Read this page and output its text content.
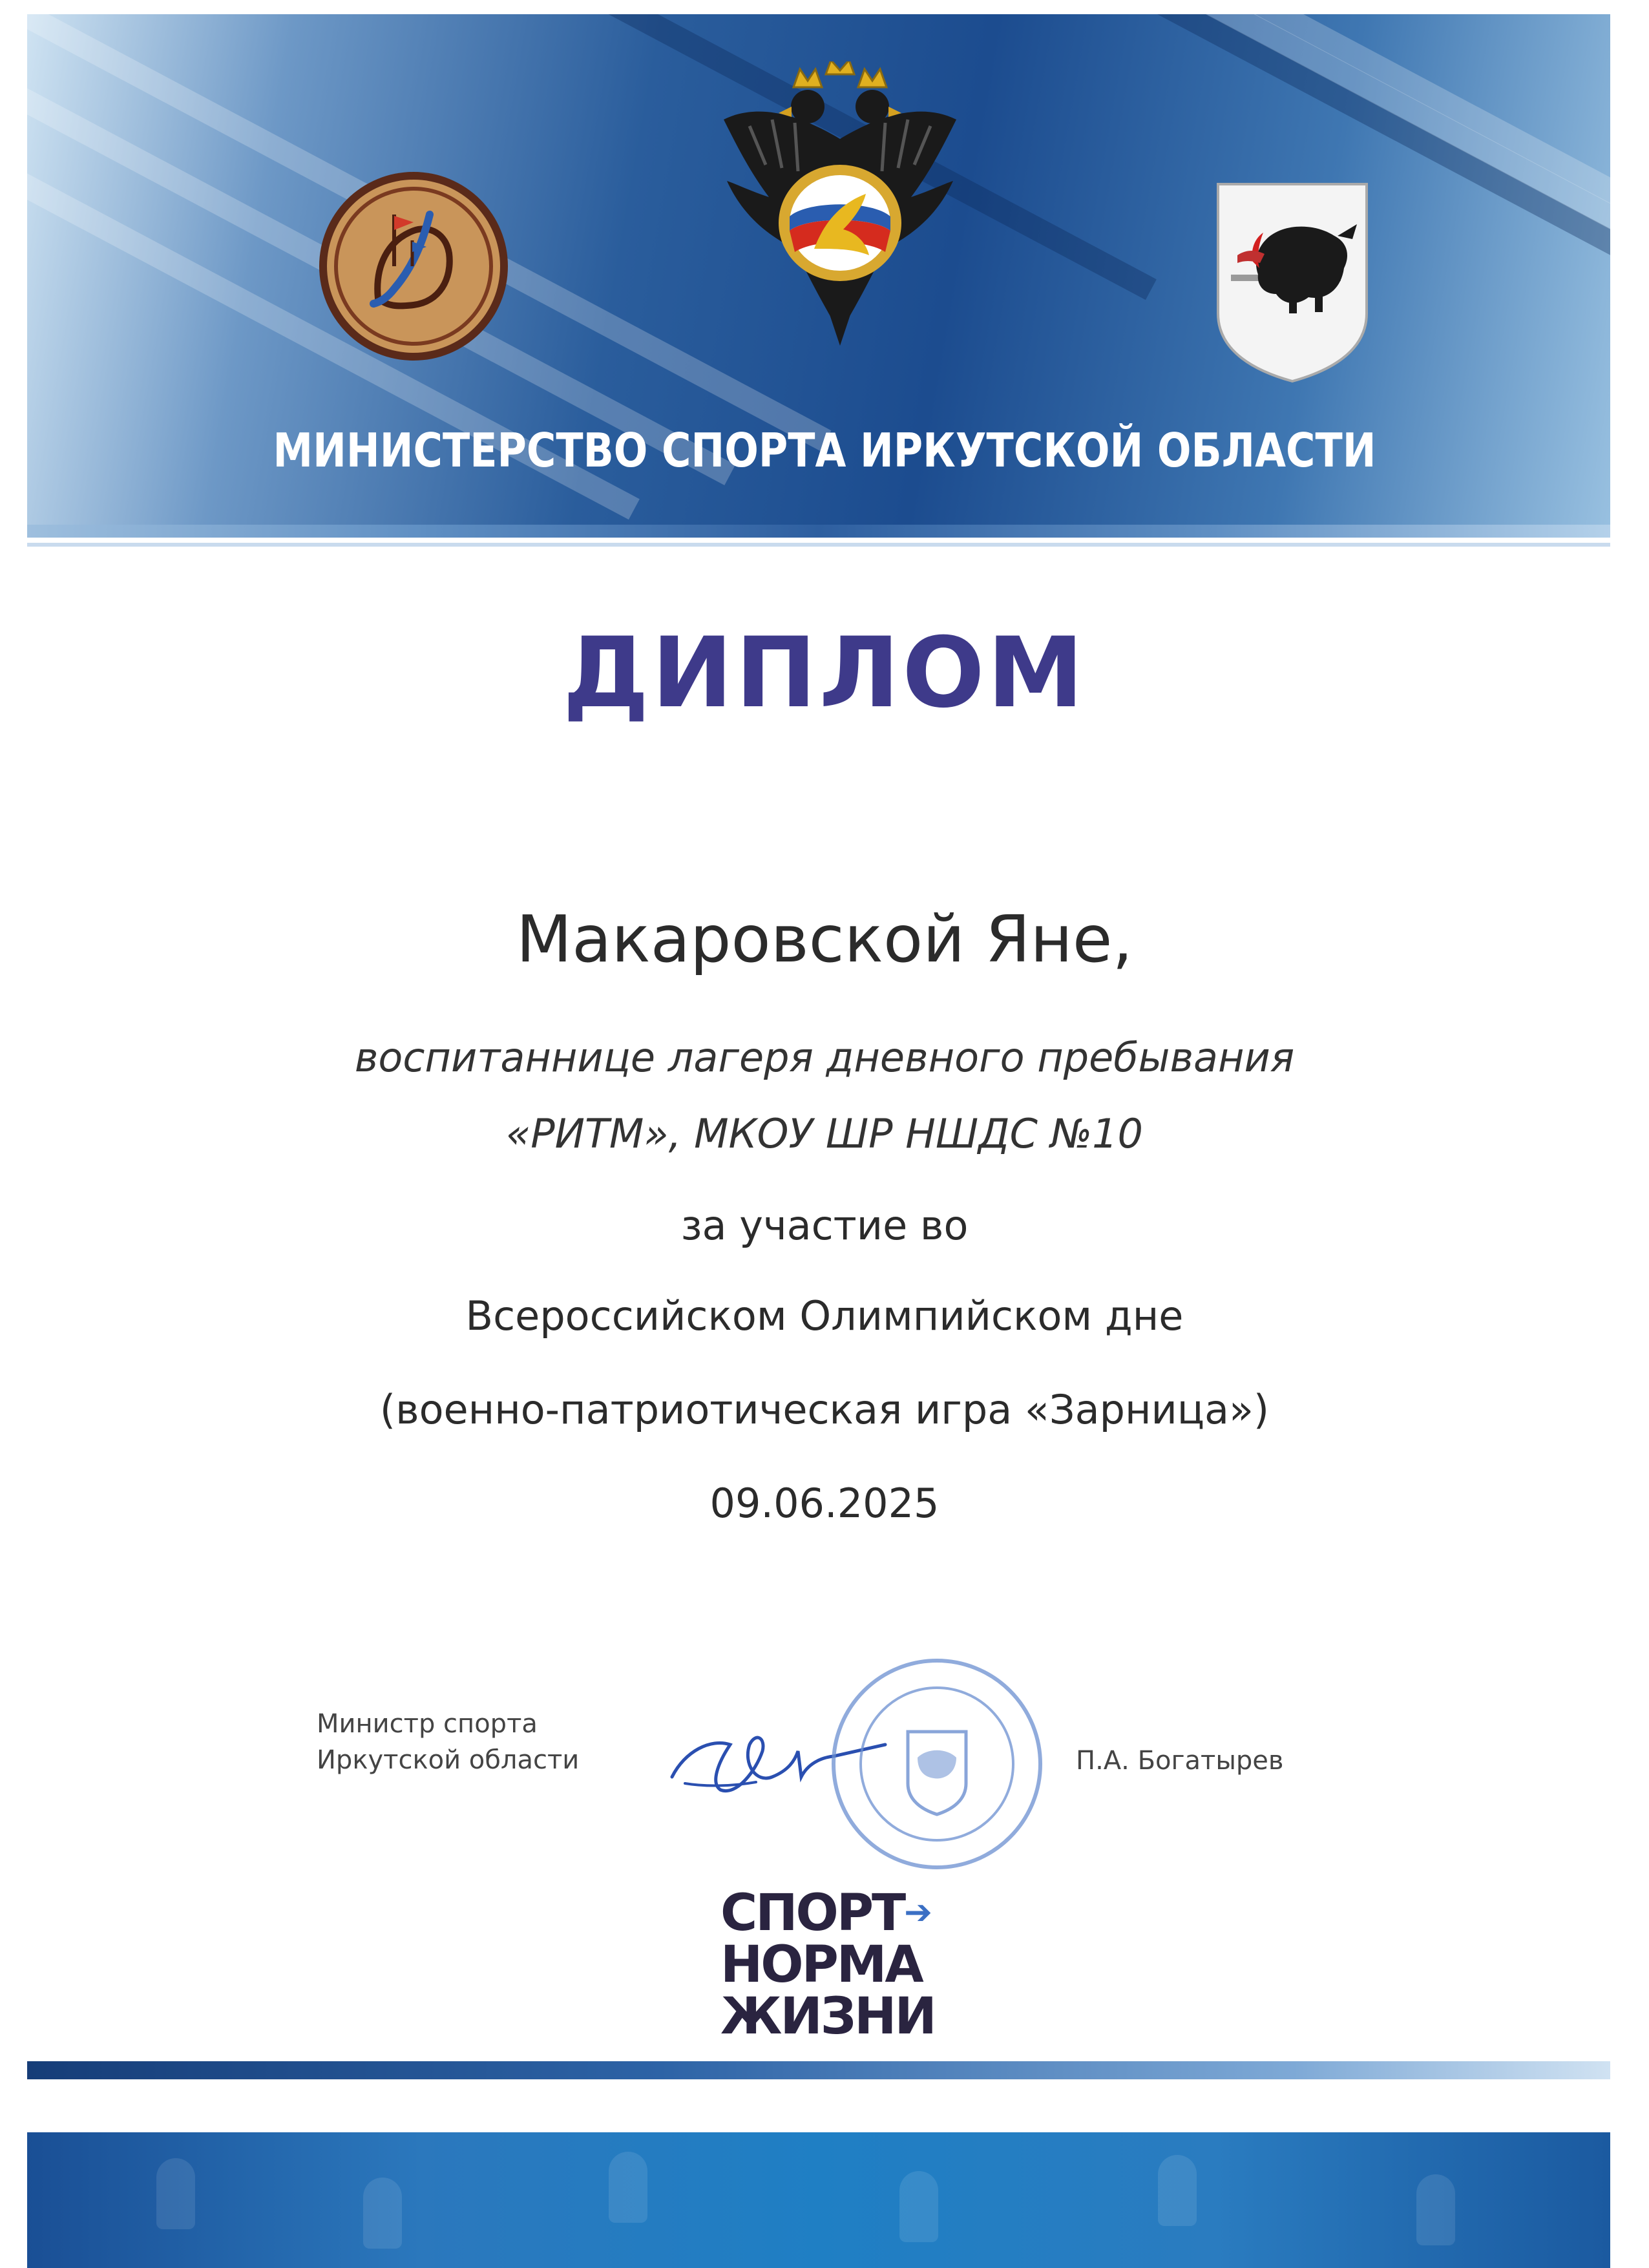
МИНИСТЕРСТВО СПОРТА ИРКУТСКОЙ ОБЛАСТИ
ДИПЛОМ
Макаровской Яне,
воспитаннице лагеря дневного пребывания
«РИТМ», МКОУ ШР НШДС №10
за участие во
Всероссийском Олимпийском дне
(военно-патриотическая игра «Зарница»)
09.06.2025
Министр спорта
Иркутской области	П.А. Богатырев
СПОРТ➔
НОРМА
ЖИЗНИ
